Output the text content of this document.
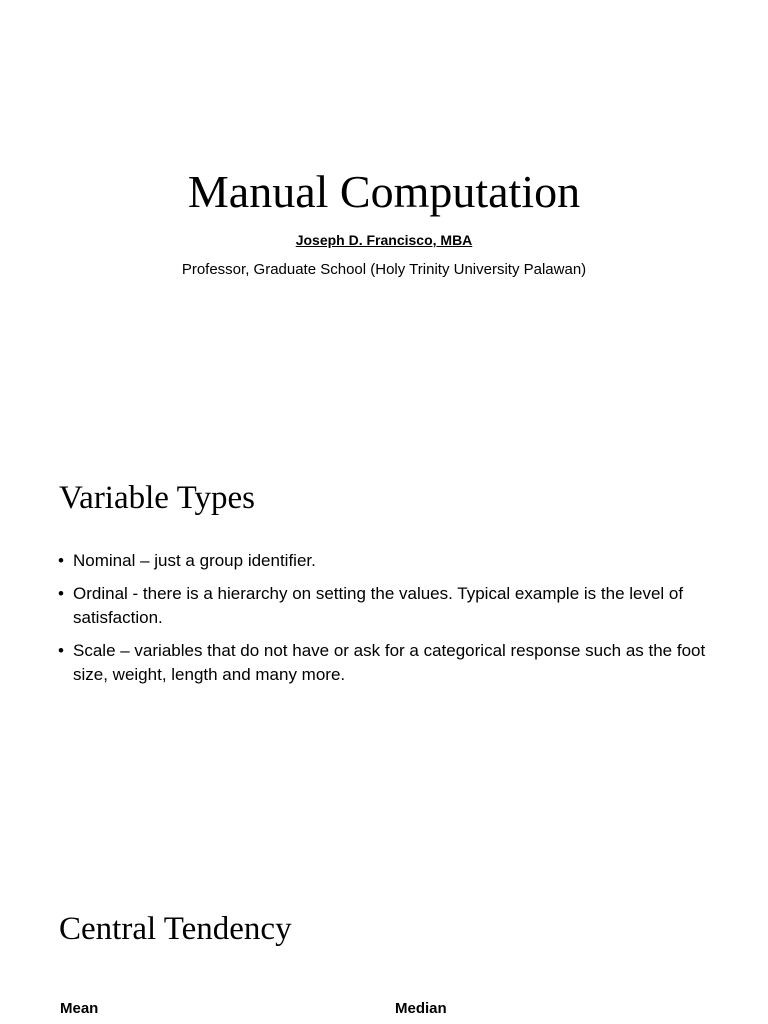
Manual Computation
Joseph D. Francisco, MBA
Professor, Graduate School (Holy Trinity University Palawan)
Variable Types
• Nominal – just a group identifier.
• Ordinal - there is a hierarchy on setting the values. Typical example is the level of satisfaction.
• Scale – variables that do not have or ask for a categorical response such as the foot size, weight, length and many more.
Central Tendency
Mean	Median
